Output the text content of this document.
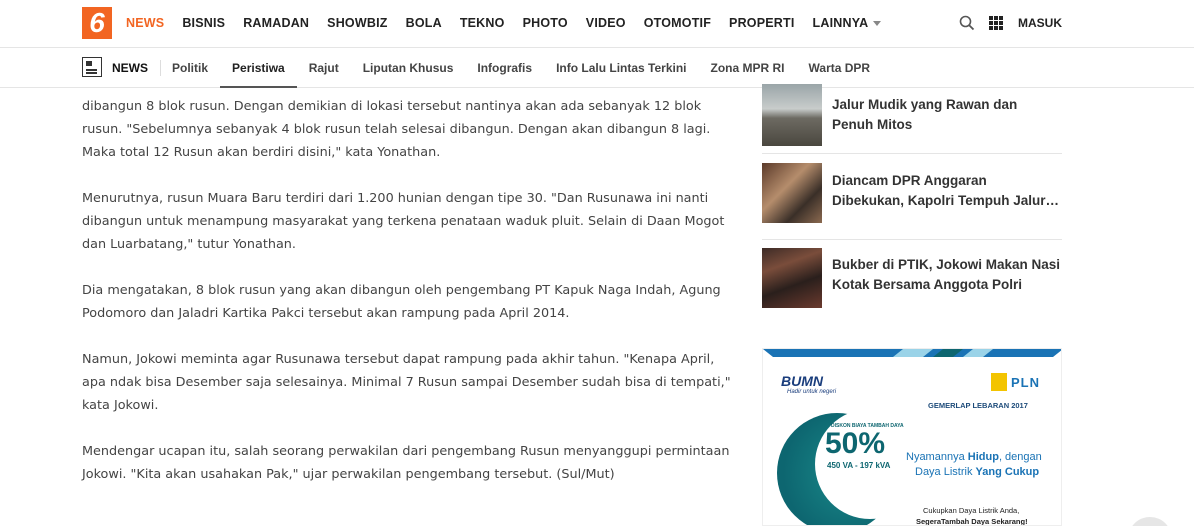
6	NEWS BISNIS RAMADAN SHOWBIZ BOLA TEKNO PHOTO VIDEO OTOMOTIF PROPERTI LAINNYA	MASUK
NEWS	Politik	Peristiwa	Rajut	Liputan Khusus	Infografis	Info Lalu Lintas Terkini	Zona MPR RI	Warta DPR

dibangun 8 blok rusun. Dengan demikian di lokasi tersebut nantinya akan ada sebanyak 12 blok rusun. "Sebelumnya sebanyak 4 blok rusun telah selesai dibangun. Dengan akan dibangun 8 lagi. Maka total 12 Rusun akan berdiri disini," kata Yonathan.

Menurutnya, rusun Muara Baru terdiri dari 1.200 hunian dengan tipe 30. "Dan Rusunawa ini nanti dibangun untuk menampung masyarakat yang terkena penataan waduk pluit. Selain di Daan Mogot dan Luarbatang," tutur Yonathan.

Dia mengatakan, 8 blok rusun yang akan dibangun oleh pengembang PT Kapuk Naga Indah, Agung Podomoro dan Jaladri Kartika Pakci tersebut akan rampung pada April 2014.

Namun, Jokowi meminta agar Rusunawa tersebut dapat rampung pada akhir tahun. "Kenapa April, apa ndak bisa Desember saja selesainya. Minimal 7 Rusun sampai Desember sudah bisa di tempati," kata Jokowi.

Mendengar ucapan itu, salah seorang perwakilan dari pengembang Rusun menyanggupi permintaan Jokowi. "Kita akan usahakan Pak," ujar perwakilan pengembang tersebut. (Sul/Mut)

Jalur Mudik yang Rawan dan Penuh Mitos
Diancam DPR Anggaran Dibekukan, Kapolri Tempuh Jalur…
Bukber di PTIK, Jokowi Makan Nasi Kotak Bersama Anggota Polri
BUMN
Hadir untuk negeri
PLN
GEMERLAP LEBARAN 2017
DISKON BIAYA TAMBAH DAYA
50%
450 VA - 197 kVA
Nyamannya Hidup, dengan
Daya Listrik Yang Cukup
Cukupkan Daya Listrik Anda,
SegeraTambah Daya Sekarang!
